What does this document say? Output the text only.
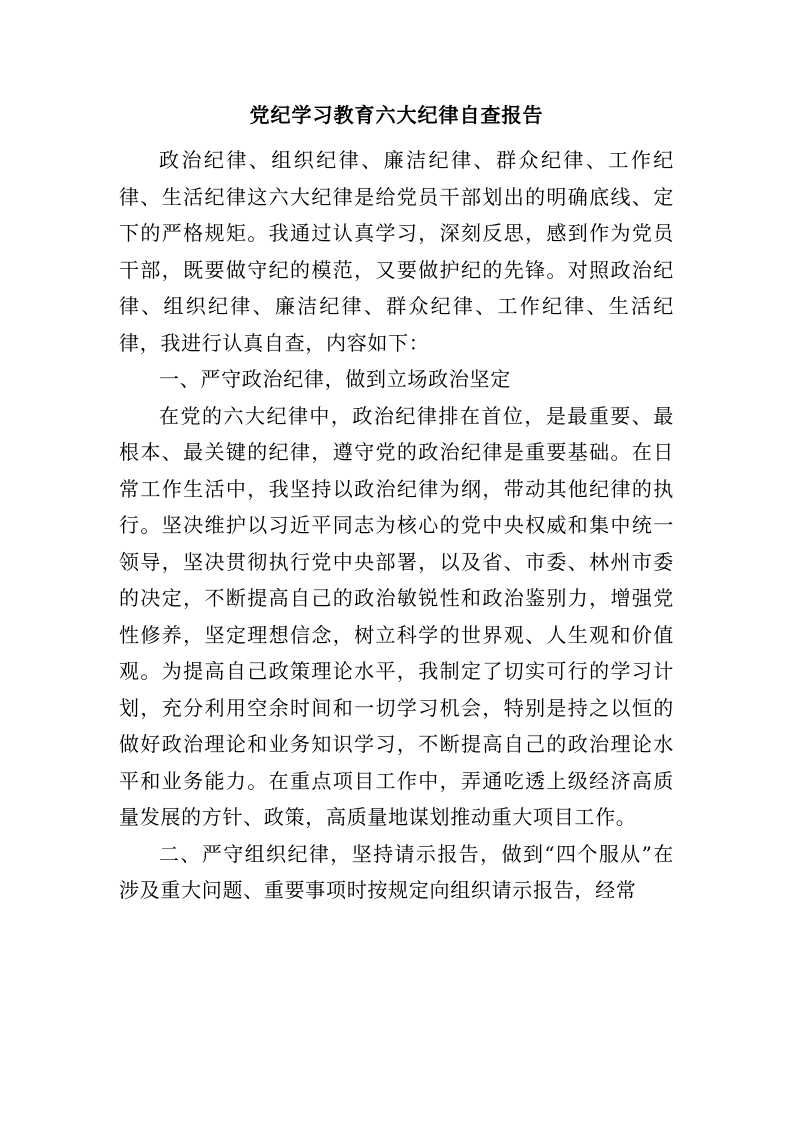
党纪学习教育六大纪律自查报告

政治纪律、组织纪律、廉洁纪律、群众纪律、工作纪律、生活纪律这六大纪律是给党员干部划出的明确底线、定下的严格规矩。我通过认真学习，深刻反思，感到作为党员干部，既要做守纪的模范，又要做护纪的先锋。对照政治纪律、组织纪律、廉洁纪律、群众纪律、工作纪律、生活纪律，我进行认真自查，内容如下：

一、严守政治纪律，做到立场政治坚定

在党的六大纪律中，政治纪律排在首位，是最重要、最根本、最关键的纪律，遵守党的政治纪律是重要基础。在日常工作生活中，我坚持以政治纪律为纲，带动其他纪律的执行。坚决维护以习近平同志为核心的党中央权威和集中统一领导，坚决贯彻执行党中央部署，以及省、市委、林州市委的决定，不断提高自己的政治敏锐性和政治鉴别力，增强党性修养，坚定理想信念，树立科学的世界观、人生观和价值观。为提高自己政策理论水平，我制定了切实可行的学习计划，充分利用空余时间和一切学习机会，特别是持之以恒的做好政治理论和业务知识学习，不断提高自己的政治理论水平和业务能力。在重点项目工作中，弄通吃透上级经济高质量发展的方针、政策，高质量地谋划推动重大项目工作。

二、严守组织纪律，坚持请示报告，做到“四个服从”在涉及重大问题、重要事项时按规定向组织请示报告，经常
